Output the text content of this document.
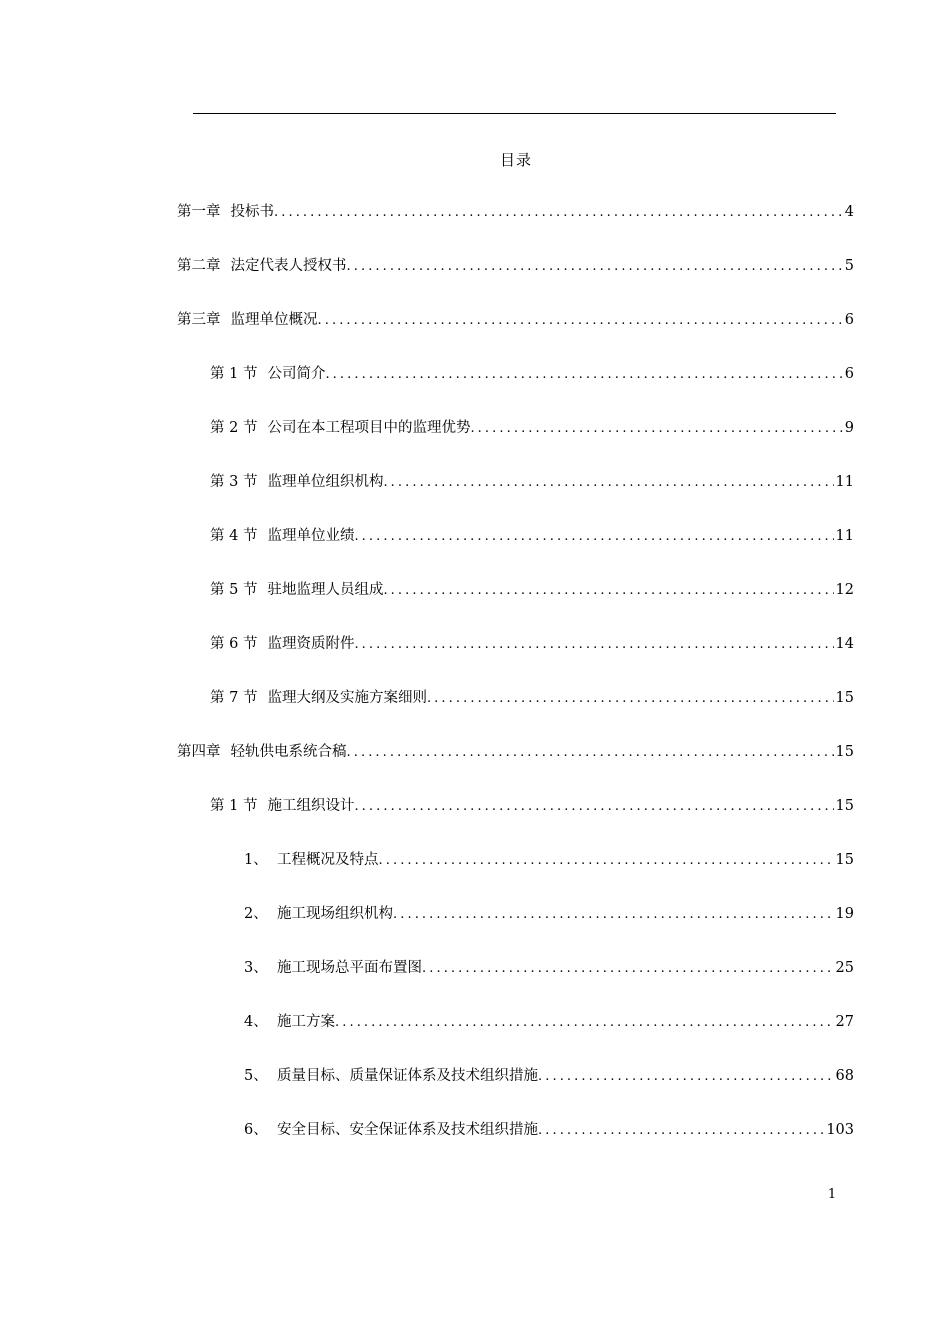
目录
第一章 投标书 .....	4
第二章 法定代表人授权书 .....	5
第三章 监理单位概况 .....	6
第 1 节 公司简介 .....	6
第 2 节 公司在本工程项目中的监理优势 .....	9
第 3 节 监理单位组织机构 .....	11
第 4 节 监理单位业绩 .....	11
第 5 节 驻地监理人员组成 .....	12
第 6 节 监理资质附件 .....	14
第 7 节 监理大纲及实施方案细则 .....	15
第四章 轻轨供电系统合稿 .....	15
第 1 节 施工组织设计 .....	15
1、 工程概况及特点 .....	15
2、 施工现场组织机构 .....	19
3、 施工现场总平面布置图 .....	25
4、 施工方案 .....	27
5、 质量目标、质量保证体系及技术组织措施 .....	68
6、 安全目标、安全保证体系及技术组织措施 .....	103
1
